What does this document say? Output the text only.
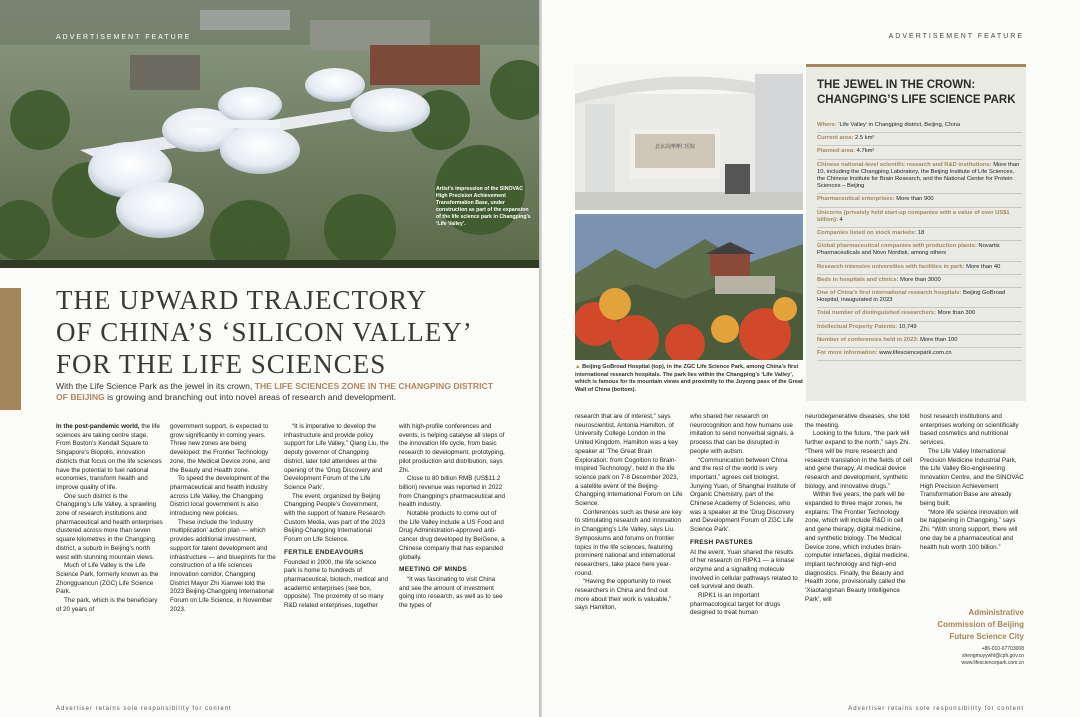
ADVERTISEMENT FEATURE
Artist’s impression of the SINOVAC High Precision Achievement Transformation Base, under construction as part of the expansion of the life science park in Changping’s ‘Life Valley’.
THE UPWARD TRAJECTORY
OF CHINA’S ‘SILICON VALLEY’
FOR THE LIFE SCIENCES
With the Life Science Park as the jewel in its crown, THE LIFE SCIENCES ZONE IN THE CHANGPING DISTRICT OF BEIJING is growing and branching out into novel areas of research and development.

In the post-pandemic world, the life sciences are taking centre stage. From Boston’s Kendall Square to Singapore’s Biopolis, innovation districts that focus on the life sciences have the potential to fuel national economies, transform health and improve quality of life.

One such district is the Changping’s Life Valley, a sprawling zone of research institutions and pharmaceutical and health enterprises clustered across more than seven square kilometres in the Changping district, a suburb in Beijing’s north west with stunning mountain views.

Much of Life Valley is the Life Science Park, formerly known as the Zhongguancun (ZGC) Life Science Park.

The park, which is the beneficiary of 20 years of

government support, is expected to grow significantly in coming years. Three new zones are being developed: the Frontier Technology zone, the Medical Device zone, and the Beauty and Health zone.

To speed the development of the pharmaceutical and health industry across Life Valley, the Changping District local government is also introducing new policies.

These include the ‘industry multiplication’ action plan — which provides additional investment, support for talent development and infrastructure — and blueprints for the construction of a life sciences innovation corridor, Changping District Mayor Zhi Xianwei told the 2023 Beijing-Changping International Forum on Life Science, in November 2023.

“It is imperative to develop the infrastructure and provide policy support for Life Valley,” Qiang Liu, the deputy governor of Changping district, later told attendees at the opening of the ‘Drug Discovery and Development Forum of the Life Science Park’.

The event, organized by Beijing Changping People’s Government, with the support of Nature Research Custom Media, was part of the 2023 Beijing-Changping International Forum on Life Science.

FERTILE ENDEAVOURS

Founded in 2000, the life science park is home to hundreds of pharmaceutical, biotech, medical and academic enterprises (see box, opposite). The proximity of so many R&D related enterprises, together

with high-profile conferences and events, is helping catalyse all steps of the innovation life cycle, from basic research to development, prototyping, pilot production and distribution, says Zhi.

Close to 80 billion RMB (US$11.2 billion) revenue was reported in 2022 from Changping’s pharmaceutical and health industry.

Notable products to come out of the Life Valley include a US Food and Drug Administration-approved anti-cancer drug developed by BeiGene, a Chinese company that has expanded globally.

MEETING OF MINDS

“It was fascinating to visit China and see the amount of investment going into research, as well as to see the types of

Advertiser retains sole responsibility for content
ADVERTISEMENT FEATURE
北京高博博仁医院
▲ Beijing GoBroad Hospital (top), in the ZGC Life Science Park, among China’s first international research hospitals. The park lies within the Changping’s ‘Life Valley’, which is famous for its mountain views and proximity to the Juyong pass of the Great Wall of China (bottom).
THE JEWEL IN THE CROWN:
CHANGPING’S LIFE SCIENCE PARK
Where: ‘Life Valley’ in Changping district, Beijing, China
Current area: 2.5 km²
Planned area: 4.7km²
Chinese national-level scientific research and R&D institutions: More than 10, including the Changping Laboratory, the Beijing Institute of Life Sciences, the Chinese Institute for Brain Research, and the National Center for Protein Sciences – Beijing
Pharmaceutical enterprises: More than 900
Unicorns (privately held start-up companies with a value of over US$1 billion): 4
Companies listed on stock markets: 18
Global pharmaceutical companies with production plants: Novartis Pharmaceuticals and Novo Nordisk, among others
Research-intensive universities with facilities in park: More than 40
Beds in hospitals and clinics: More than 3000
One of China’s first international research hospitals: Beijing GoBroad Hospital, inaugurated in 2023
Total number of distinguished researchers: More than 300
Intellectual Property Patents: 10,749
Number of conferences held in 2023: More than 100
For more information: www.lifesciencepark.com.cn

research that are of interest,” says neuroscientist, Antonia Hamilton, of University College London in the United Kingdom. Hamilton was a key speaker at ‘The Great Brain Exploration: from Cognition to Brain-Inspired Technology’, held in the life science park on 7-8 December 2023, a satellite event of the Beijing-Changping International Forum on Life Science.

Conferences such as these are key to stimulating research and innovation in Changping’s Life Valley, says Liu. Symposiums and forums on frontier topics in the life sciences, featuring prominent national and international researchers, take place here year-round.

“Having the opportunity to meet researchers in China and find out more about their work is valuable,” says Hamilton,

who shared her research on neurocognition and how humans use imitation to send nonverbal signals, a process that can be disrupted in people with autism.

“Communication between China and the rest of the world is very important,” agrees cell biologist, Junying Yuan, of Shanghai Institute of Organic Chemistry, part of the Chinese Academy of Sciences, who was a speaker at the ‘Drug Discovery and Development Forum of ZGC Life Science Park’.

FRESH PASTURES

At the event, Yuan shared the results of her research on RIPK1 — a kinase enzyme and a signalling molecule involved in cellular pathways related to cell survival and death.

RIPK1 is an important pharmacological target for drugs designed to treat human

neurodegenerative diseases, she told the meeting.

Looking to the future, “the park will further expand to the north,” says Zhi. “There will be more research and research translation in the fields of cell and gene therapy, AI medical device research and development, synthetic biology, and innovative drugs.”

Within five years, the park will be expanded to three major zones, he explains: The Frontier Technology zone, which will include R&D in cell and gene therapy, digital medicine, and synthetic biology. The Medical Device zone, which includes brain-computer interfaces, digital medicine, implant technology and high-end diagnostics. Finally, the Beauty and Health zone, provisionally called the ‘Xiaotangshan Beauty Intelligence Park’, will

host research institutions and enterprises working on scientifically based cosmetics and nutritional services.

The Life Valley International Precision Medicine Industrial Park, the Life Valley Bio-engineering Innovation Centre, and the SINOVAC High Precision Achievement Transformation Base are already being built.

“More life science innovation will be happening in Changping,” says Zhi. “With strong support, there will one day be a pharmaceutical and health hub worth 100 billion.”

Administrative
Commission of Beijing
Future Science City
+86-010-67703008
shengmuyywhl@cph.gov.cn
www.lifesciencepark.com.cn
Advertiser retains sole responsibility for content
